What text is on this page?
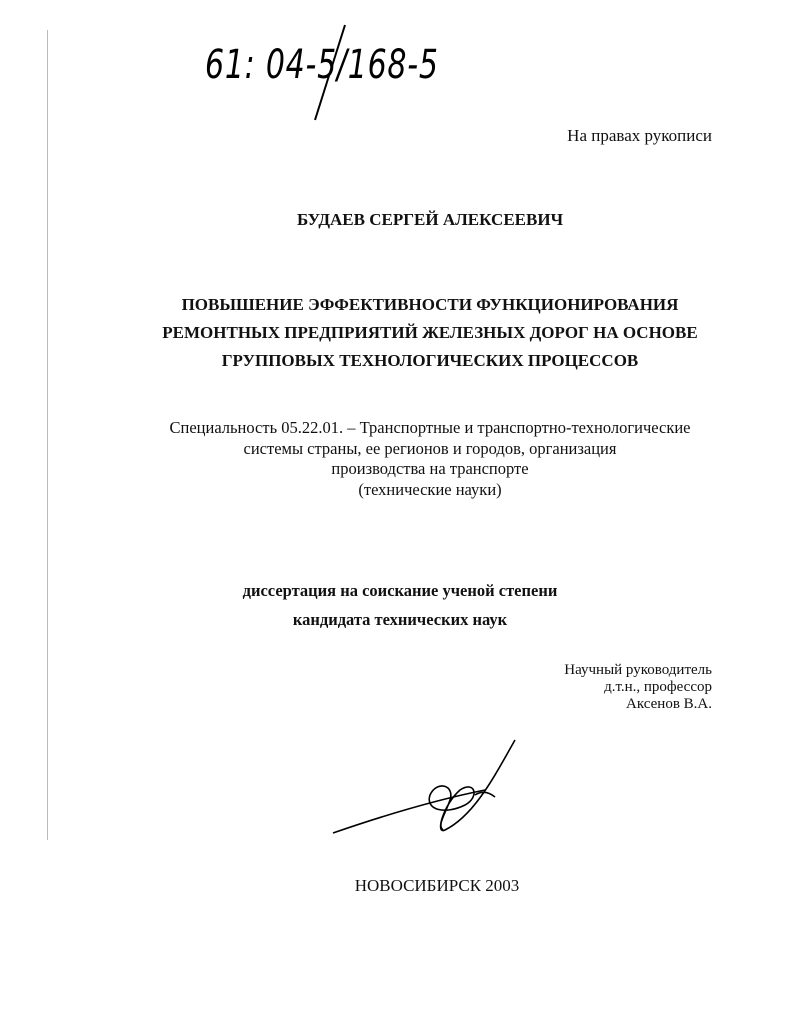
61: 04-5/168-5
На правах рукописи
БУДАЕВ СЕРГЕЙ АЛЕКСЕЕВИЧ
ПОВЫШЕНИЕ ЭФФЕКТИВНОСТИ ФУНКЦИОНИРОВАНИЯ
РЕМОНТНЫХ ПРЕДПРИЯТИЙ ЖЕЛЕЗНЫХ ДОРОГ НА ОСНОВЕ
ГРУППОВЫХ ТЕХНОЛОГИЧЕСКИХ ПРОЦЕССОВ
Специальность 05.22.01. – Транспортные и транспортно-технологические
системы страны, ее регионов и городов, организация
производства на транспорте
(технические науки)
диссертация на соискание ученой степени
кандидата технических наук
Научный руководитель
д.т.н., профессор
Аксенов В.А.
НОВОСИБИРСК 2003
